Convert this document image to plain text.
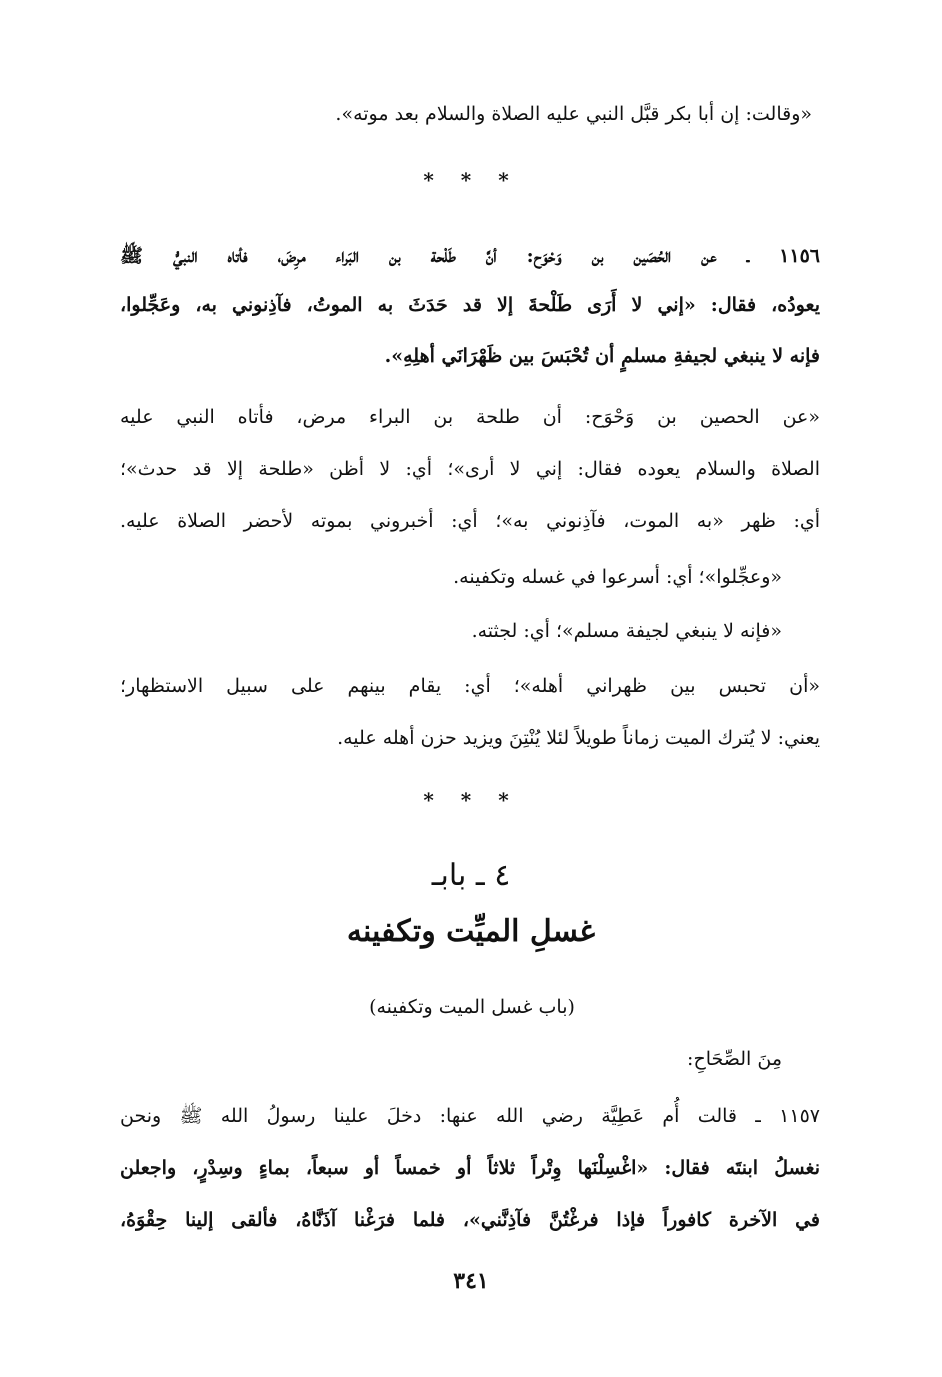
«وقالت: إن أبا بكر قبَّل النبي عليه الصلاة والسلام بعد موته».
* * *
١١٥٦ ـ عن الحُصَين بن وَحْوَح: أنَّ طَلْحة بن البَراء مرِضَ، فأتاه النبيُّ ﷺ
يعودُه، فقال: «إني لا أَرَى طَلْحةَ إلا قد حَدَثَ به الموتُ، فآذِنوني به، وعَجِّلوا،
فإنه لا ينبغي لجيفةِ مسلمٍ أن تُحْبَسَ بين ظَهْرَانَي أهلِهِ».
«عن الحصين بن وَحْوَح: أن طلحة بن البراء مرض، فأتاه النبي عليه
الصلاة والسلام يعوده فقال: إني لا أرى»؛ أي: لا أظن «طلحة إلا قد حدث»؛
أي: ظهر «به الموت، فآذِنوني به»؛ أي: أخبروني بموته لأحضر الصلاة عليه.
«وعجِّلوا»؛ أي: أسرعوا في غسله وتكفينه.
«فإنه لا ينبغي لجيفة مسلم»؛ أي: لجثته.
«أن تحبس بين ظهراني أهله»؛ أي: يقام بينهم على سبيل الاستظهار؛
يعني: لا يُترك الميت زماناً طويلاً لئلا يُنْتِنَ ويزيد حزن أهله عليه.
* * *
٤ ـ بابـ
غسلِ الميِّت وتكفينه
(باب غسل الميت وتكفينه)
مِنَ الصِّحَاحِ:
١١٥٧ ـ قالت أُم عَطِيَّة رضي الله عنها: دخلَ علينا رسولُ الله ﷺ ونحن
نغسلُ ابنتَه فقال: «اغْسِلْنَها وِتْراً ثلاثاً أو خمساً أو سبعاً، بماءٍ وسِدْرٍ، واجعلن
في الآخرة كافوراً فإذا فرغْتُنَّ فآذِنَّني»، فلما فرَغْنا آذَنَّاهُ، فألقى إلينا حِقْوَهُ،
٣٤١
